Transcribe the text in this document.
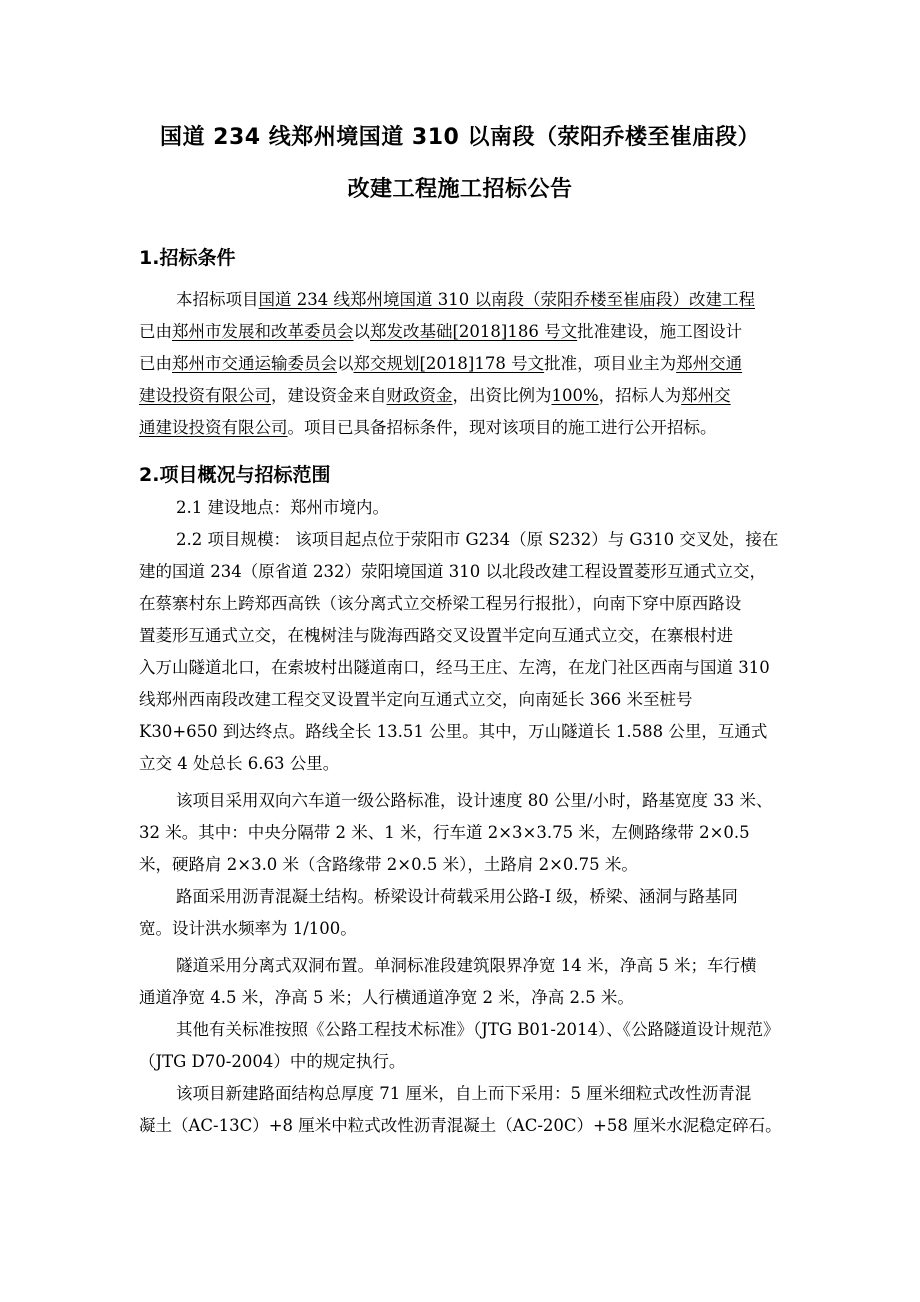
国道 234 线郑州境国道 310 以南段（荥阳乔楼至崔庙段）
改建工程施工招标公告
1.招标条件
本招标项目国道 234 线郑州境国道 310 以南段（荥阳乔楼至崔庙段）改建工程
已由郑州市发展和改革委员会以郑发改基础[2018]186 号文批准建设，施工图设计
已由郑州市交通运输委员会以郑交规划[2018]178 号文批准，项目业主为郑州交通
建设投资有限公司，建设资金来自财政资金，出资比例为100%，招标人为郑州交
通建设投资有限公司。项目已具备招标条件，现对该项目的施工进行公开招标。
2.项目概况与招标范围
2.1 建设地点：郑州市境内。
2.2 项目规模： 该项目起点位于荥阳市 G234（原 S232）与 G310 交叉处，接在
建的国道 234（原省道 232）荥阳境国道 310 以北段改建工程设置菱形互通式立交，
在蔡寨村东上跨郑西高铁（该分离式立交桥梁工程另行报批），向南下穿中原西路设
置菱形互通式立交，在槐树洼与陇海西路交叉设置半定向互通式立交，在寨根村进
入万山隧道北口，在索坡村出隧道南口，经马王庄、左湾，在龙门社区西南与国道 310
线郑州西南段改建工程交叉设置半定向互通式立交，向南延长 366 米至桩号
K30+650 到达终点。路线全长 13.51 公里。其中，万山隧道长 1.588 公里，互通式
立交 4 处总长 6.63 公里。
该项目采用双向六车道一级公路标准，设计速度 80 公里/小时，路基宽度 33 米、
32 米。其中：中央分隔带 2 米、1 米，行车道 2×3×3.75 米，左侧路缘带 2×0.5
米，硬路肩 2×3.0 米（含路缘带 2×0.5 米），土路肩 2×0.75 米。
路面采用沥青混凝土结构。桥梁设计荷载采用公路-I 级，桥梁、涵洞与路基同
宽。设计洪水频率为 1/100。
隧道采用分离式双洞布置。单洞标准段建筑限界净宽 14 米，净高 5 米；车行横
通道净宽 4.5 米，净高 5 米；人行横通道净宽 2 米，净高 2.5 米。
其他有关标准按照《公路工程技术标准》（JTG B01-2014）、《公路隧道设计规范》
（JTG D70-2004）中的规定执行。
该项目新建路面结构总厚度 71 厘米，自上而下采用：5 厘米细粒式改性沥青混
凝土（AC-13C）+8 厘米中粒式改性沥青混凝土（AC-20C）+58 厘米水泥稳定碎石。
